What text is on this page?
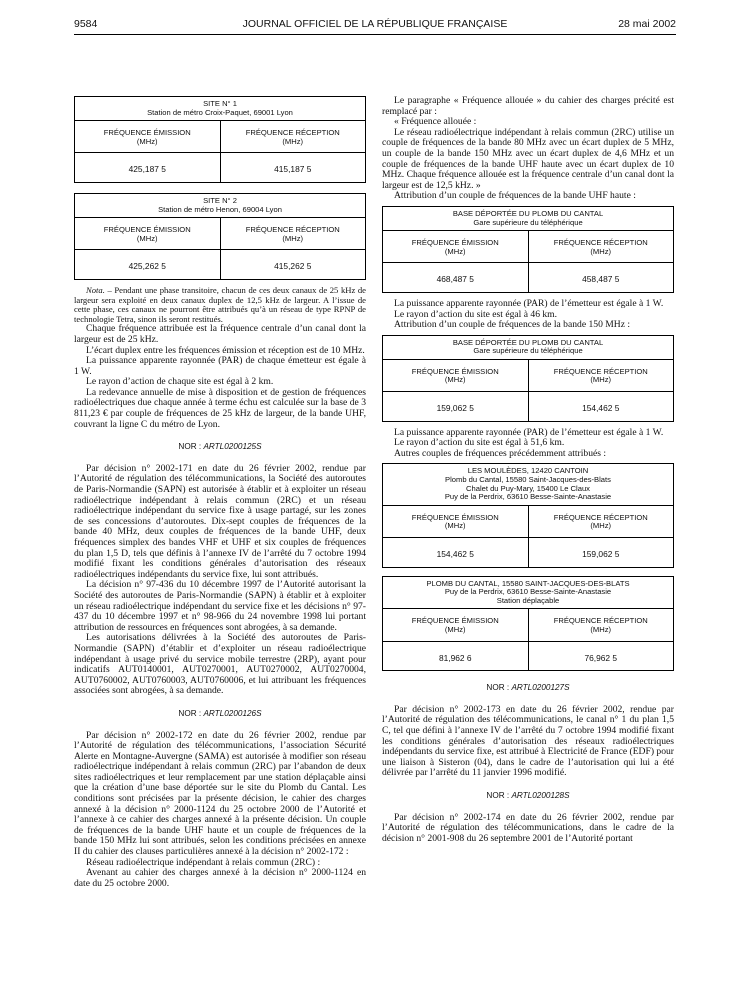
9584	JOURNAL OFFICIEL DE LA RÉPUBLIQUE FRANÇAISE	28 mai 2002
SITE N° 1
Station de métro Croix-Paquet, 69001 Lyon
FRÉQUENCE ÉMISSION
(MHz)
FRÉQUENCE RÉCEPTION
(MHz)
425,187 5	415,187 5
SITE N° 2
Station de métro Henon, 69004 Lyon
FRÉQUENCE ÉMISSION
(MHz)
FRÉQUENCE RÉCEPTION
(MHz)
425,262 5	415,262 5

Nota. – Pendant une phase transitoire, chacun de ces deux canaux de 25 kHz de largeur sera exploité en deux canaux duplex de 12,5 kHz de largeur. A l’issue de cette phase, ces canaux ne pourront être attribués qu’à un réseau de type RPNP de technologie Tetra, sinon ils seront restitués.

Chaque fréquence attribuée est la fréquence centrale d’un canal dont la largeur est de 25 kHz.

L’écart duplex entre les fréquences émission et réception est de 10 MHz.

La puissance apparente rayonnée (PAR) de chaque émetteur est égale à 1 W.

Le rayon d’action de chaque site est égal à 2 km.

La redevance annuelle de mise à disposition et de gestion de fréquences radioélectriques due chaque année à terme échu est calculée sur la base de 3 811,23 € par couple de fréquences de 25 kHz de largeur, de la bande UHF, couvrant la ligne C du métro de Lyon.

NOR : ARTL0200125S

Par décision n° 2002-171 en date du 26 février 2002, rendue par l’Autorité de régulation des télécommunications, la Société des autoroutes de Paris-Normandie (SAPN) est autorisée à établir et à exploiter un réseau radioélectrique indépendant à relais commun (2RC) et un réseau radioélectrique indépendant du service fixe à usage partagé, sur les zones de ses concessions d’autoroutes. Dix-sept couples de fréquences de la bande 40 MHz, deux couples de fréquences de la bande UHF, deux fréquences simplex des bandes VHF et UHF et six couples de fréquences du plan 1,5 D, tels que définis à l’annexe IV de l’arrêté du 7 octobre 1994 modifié fixant les conditions générales d’autorisation des réseaux radioélectriques indépendants du service fixe, lui sont attribués.

La décision n° 97-436 du 10 décembre 1997 de l’Autorité autorisant la Société des autoroutes de Paris-Normandie (SAPN) à établir et à exploiter un réseau radioélectrique indépendant du service fixe et les décisions n° 97-437 du 10 décembre 1997 et n° 98-966 du 24 novembre 1998 lui portant attribution de ressources en fréquences sont abrogées, à sa demande.

Les autorisations délivrées à la Société des autoroutes de Paris-Normandie (SAPN) d’établir et d’exploiter un réseau radioélectrique indépendant à usage privé du service mobile terrestre (2RP), ayant pour indicatifs AUT0140001, AUT0270001, AUT0270002, AUT0270004, AUT0760002, AUT0760003, AUT0760006, et lui attribuant les fréquences associées sont abrogées, à sa demande.

NOR : ARTL0200126S

Par décision n° 2002-172 en date du 26 février 2002, rendue par l’Autorité de régulation des télécommunications, l’association Sécurité Alerte en Montagne-Auvergne (SAMA) est autorisée à modifier son réseau radioélectrique indépendant à relais commun (2RC) par l’abandon de deux sites radioélectriques et leur remplacement par une station déplaçable ainsi que la création d’une base déportée sur le site du Plomb du Cantal. Les conditions sont précisées par la présente décision, le cahier des charges annexé à la décision n° 2000-1124 du 25 octobre 2000 de l’Autorité et l’annexe à ce cahier des charges annexé à la présente décision. Un couple de fréquences de la bande UHF haute et un couple de fréquences de la bande 150 MHz lui sont attribués, selon les conditions précisées en annexe II du cahier des clauses particulières annexé à la décision n° 2002-172 :

Réseau radioélectrique indépendant à relais commun (2RC) :

Avenant au cahier des charges annexé à la décision n° 2000-1124 en date du 25 octobre 2000.

Le paragraphe « Fréquence allouée » du cahier des charges précité est remplacé par :

« Fréquence allouée :

Le réseau radioélectrique indépendant à relais commun (2RC) utilise un couple de fréquences de la bande 80 MHz avec un écart duplex de 5 MHz, un couple de la bande 150 MHz avec un écart duplex de 4,6 MHz et un couple de fréquences de la bande UHF haute avec un écart duplex de 10 MHz. Chaque fréquence allouée est la fréquence centrale d’un canal dont la largeur est de 12,5 kHz. »

Attribution d’un couple de fréquences de la bande UHF haute :

BASE DÉPORTÉE DU PLOMB DU CANTAL
Gare supérieure du téléphérique
FRÉQUENCE ÉMISSION
(MHz)
FRÉQUENCE RÉCEPTION
(MHz)
468,487 5	458,487 5

La puissance apparente rayonnée (PAR) de l’émetteur est égale à 1 W.

Le rayon d’action du site est égal à 46 km.

Attribution d’un couple de fréquences de la bande 150 MHz :

BASE DÉPORTÉE DU PLOMB DU CANTAL
Gare supérieure du téléphérique
FRÉQUENCE ÉMISSION
(MHz)
FRÉQUENCE RÉCEPTION
(MHz)
159,062 5	154,462 5

La puissance apparente rayonnée (PAR) de l’émetteur est égale à 1 W.

Le rayon d’action du site est égal à 51,6 km.

Autres couples de fréquences précédemment attribués :

LES MOULÈDES, 12420 CANTOIN
Plomb du Cantal, 15580 Saint-Jacques-des-Blats
Chalet du Puy-Mary, 15400 Le Claux
Puy de la Perdrix, 63610 Besse-Sainte-Anastasie
FRÉQUENCE ÉMISSION
(MHz)
FRÉQUENCE RÉCEPTION
(MHz)
154,462 5	159,062 5
PLOMB DU CANTAL, 15580 SAINT-JACQUES-DES-BLATS
Puy de la Perdrix, 63610 Besse-Sainte-Anastasie
Station déplaçable
FRÉQUENCE ÉMISSION
(MHz)
FRÉQUENCE RÉCEPTION
(MHz)
81,962 6	76,962 5

NOR : ARTL0200127S

Par décision n° 2002-173 en date du 26 février 2002, rendue par l’Autorité de régulation des télécommunications, le canal n° 1 du plan 1,5 C, tel que défini à l’annexe IV de l’arrêté du 7 octobre 1994 modifié fixant les conditions générales d’autorisation des réseaux radioélectriques indépendants du service fixe, est attribué à Electricité de France (EDF) pour une liaison à Sisteron (04), dans le cadre de l’autorisation qui lui a été délivrée par l’arrêté du 11 janvier 1996 modifié.

NOR : ARTL0200128S

Par décision n° 2002-174 en date du 26 février 2002, rendue par l’Autorité de régulation des télécommunications, dans le cadre de la décision n° 2001-908 du 26 septembre 2001 de l’Autorité portant
